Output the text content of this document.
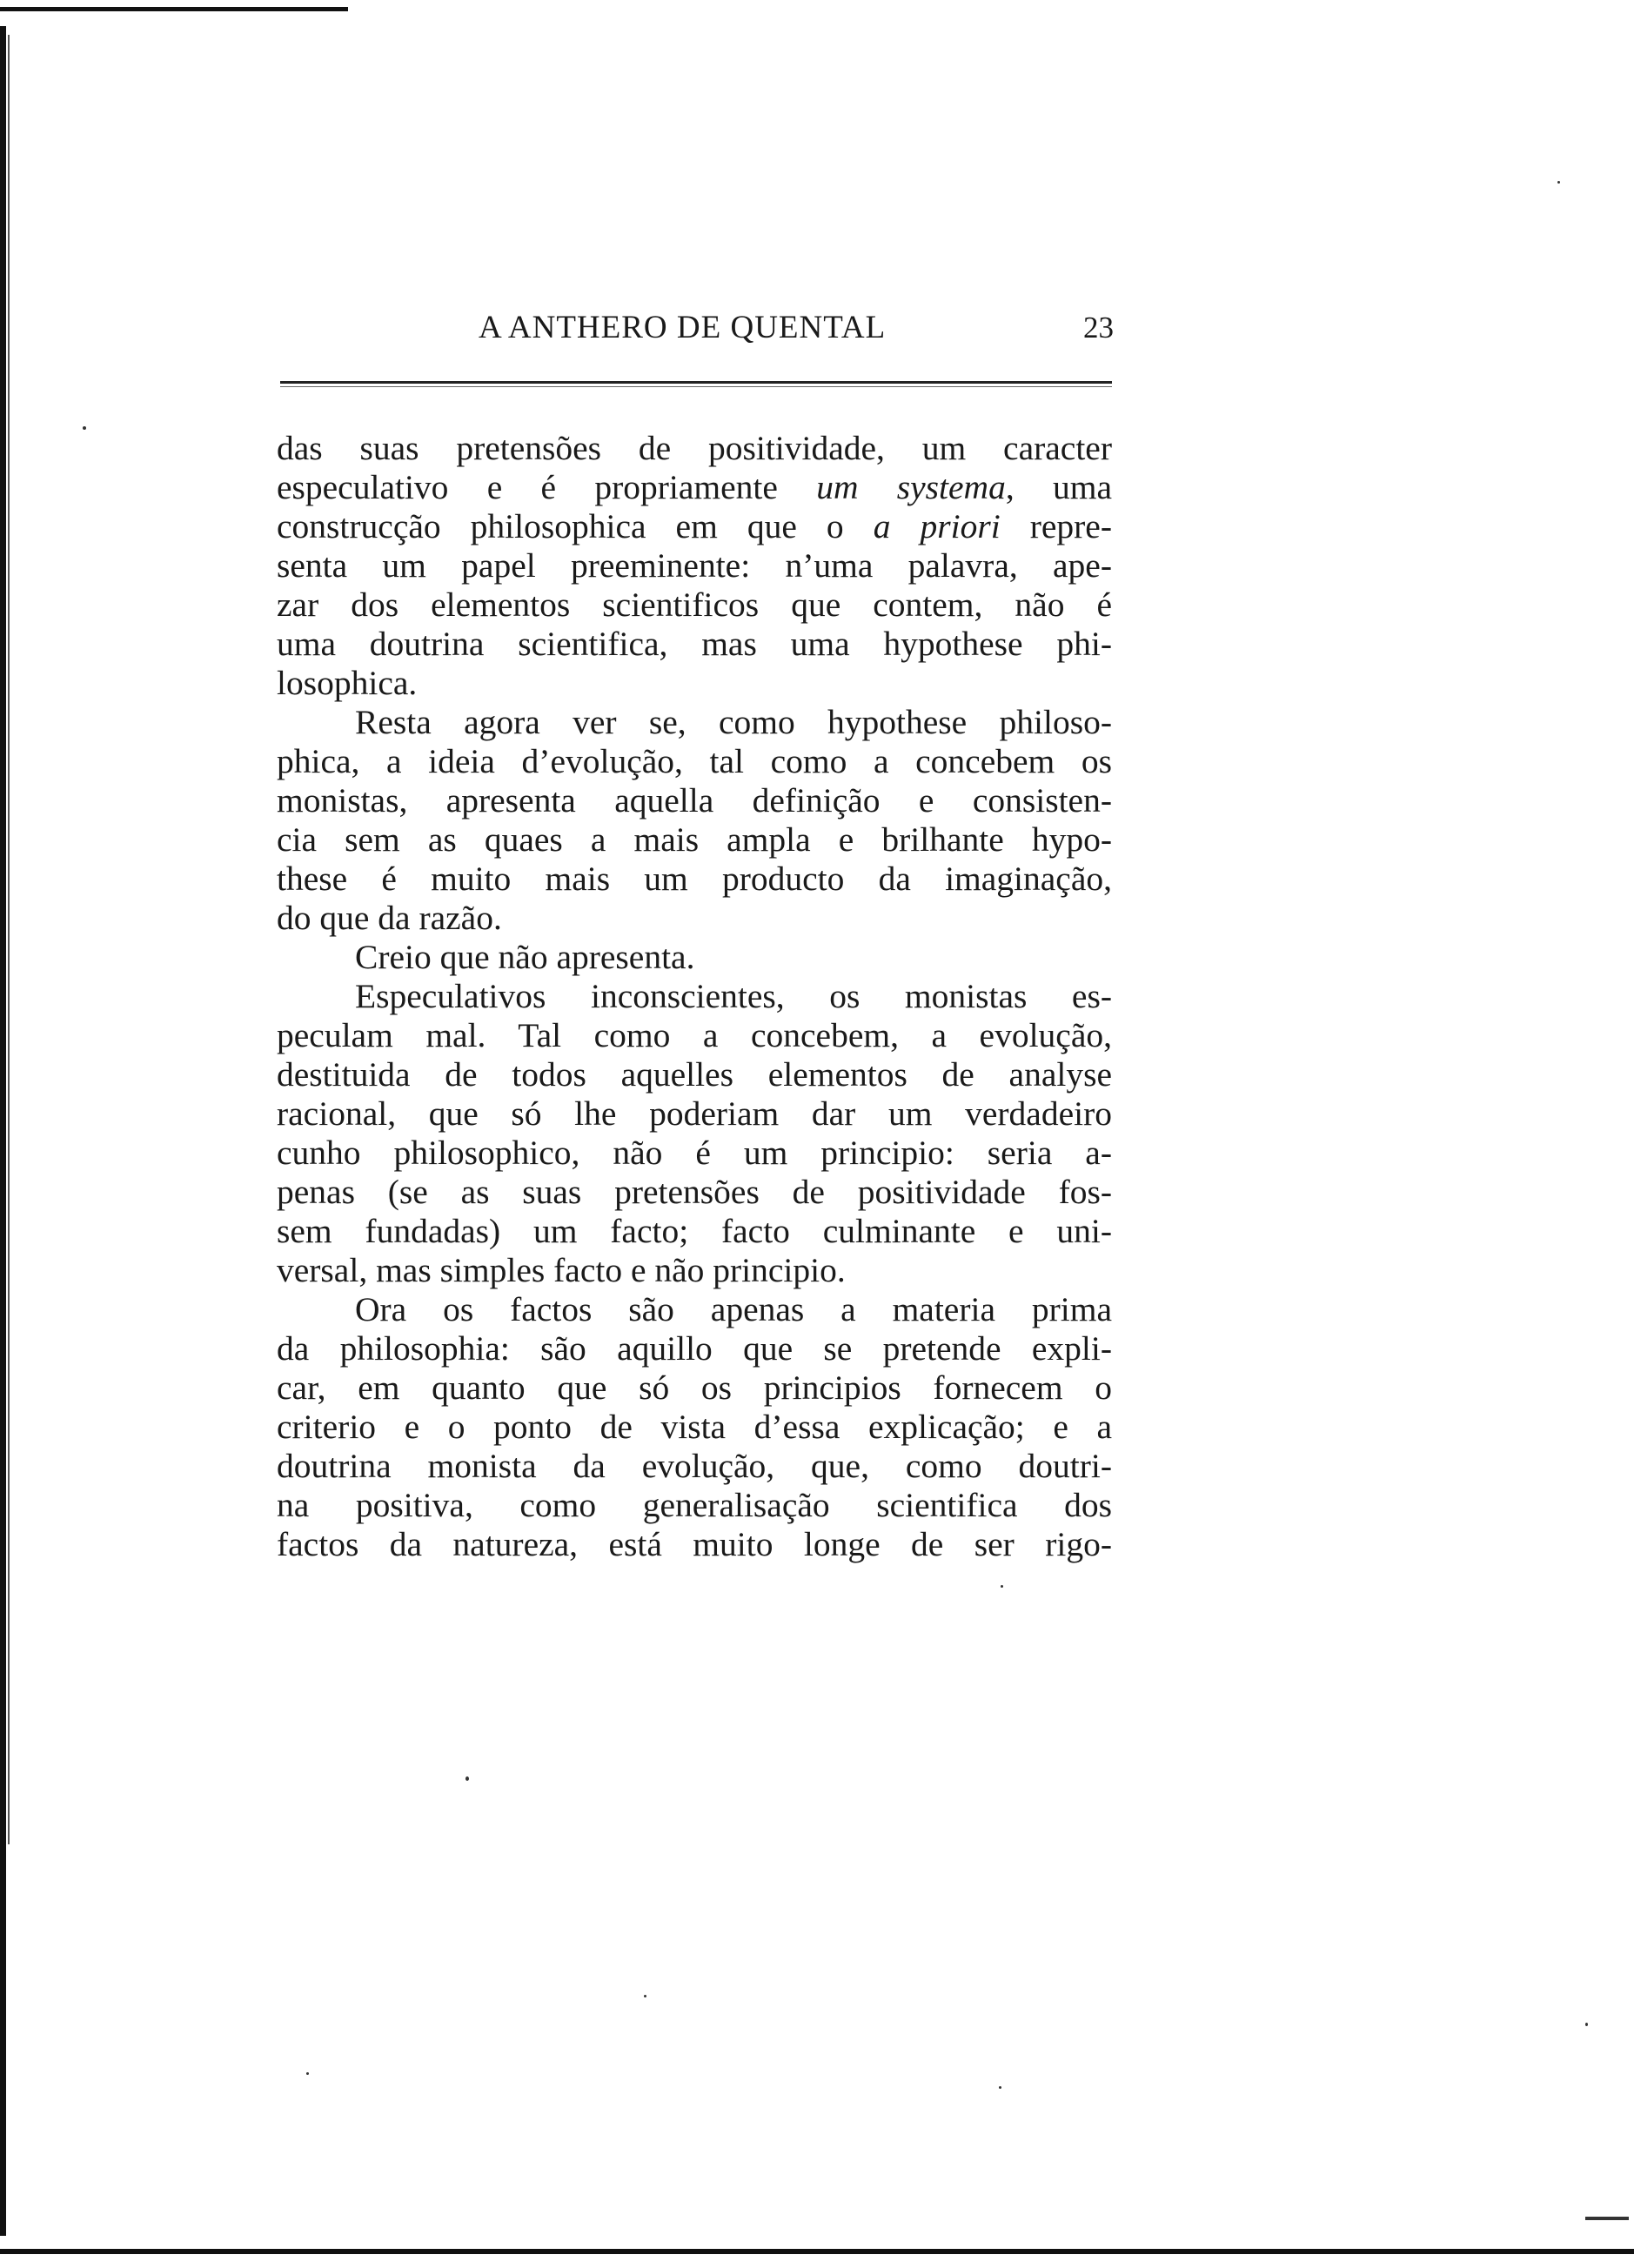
A ANTHERO DE QUENTAL	23
das suas pretensões de positividade, um caracter
especulativo e é propriamente um systema, uma
construcção philosophica em que o a priori repre-
senta um papel preeminente: n’uma palavra, ape-
zar dos elementos scientificos que contem, não é
uma doutrina scientifica, mas uma hypothese phi-
losophica.
Resta agora ver se, como hypothese philoso-
phica, a ideia d’evolução, tal como a concebem os
monistas, apresenta aquella definição e consisten-
cia sem as quaes a mais ampla e brilhante hypo-
these é muito mais um producto da imaginação,
do que da razão.
Creio que não apresenta.
Especulativos inconscientes, os monistas es-
peculam mal. Tal como a concebem, a evolução,
destituida de todos aquelles elementos de analyse
racional, que só lhe poderiam dar um verdadeiro
cunho philosophico, não é um principio: seria a-
penas (se as suas pretensões de positividade fos-
sem fundadas) um facto; facto culminante e uni-
versal, mas simples facto e não principio.
Ora os factos são apenas a materia prima
da philosophia: são aquillo que se pretende expli-
car, em quanto que só os principios fornecem o
criterio e o ponto de vista d’essa explicação; e a
doutrina monista da evolução, que, como doutri-
na positiva, como generalisação scientifica dos
factos da natureza, está muito longe de ser rigo-
